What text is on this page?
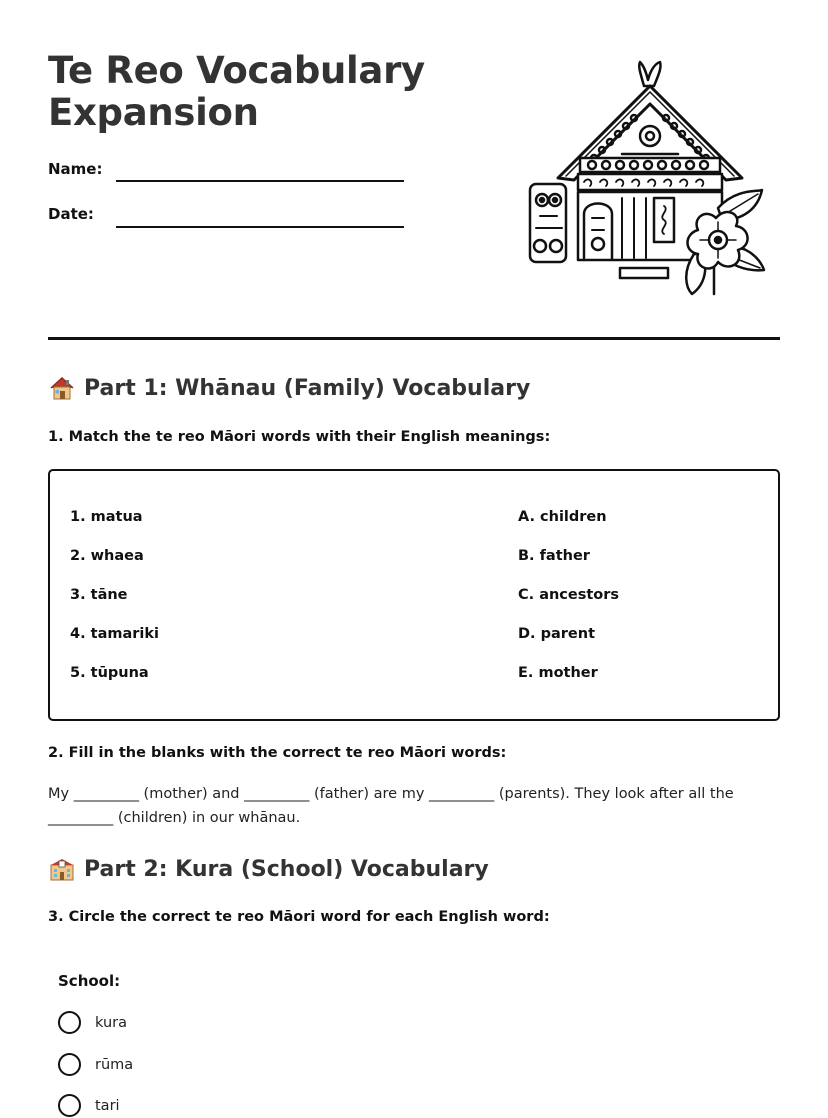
Te Reo Vocabulary
Expansion
Name:
Date:
Part 1: Whānau (Family) Vocabulary
1. Match the te reo Māori words with their English meanings:
1. matua
2. whaea
3. tāne
4. tamariki
5. tūpuna
A. children
B. father
C. ancestors
D. parent
E. mother
2. Fill in the blanks with the correct te reo Māori words:

My _________ (mother) and _________ (father) are my _________ (parents). They look after all the _________ (children) in our whānau.

Part 2: Kura (School) Vocabulary
3. Circle the correct te reo Māori word for each English word:
School:
kura
rūma
tari
